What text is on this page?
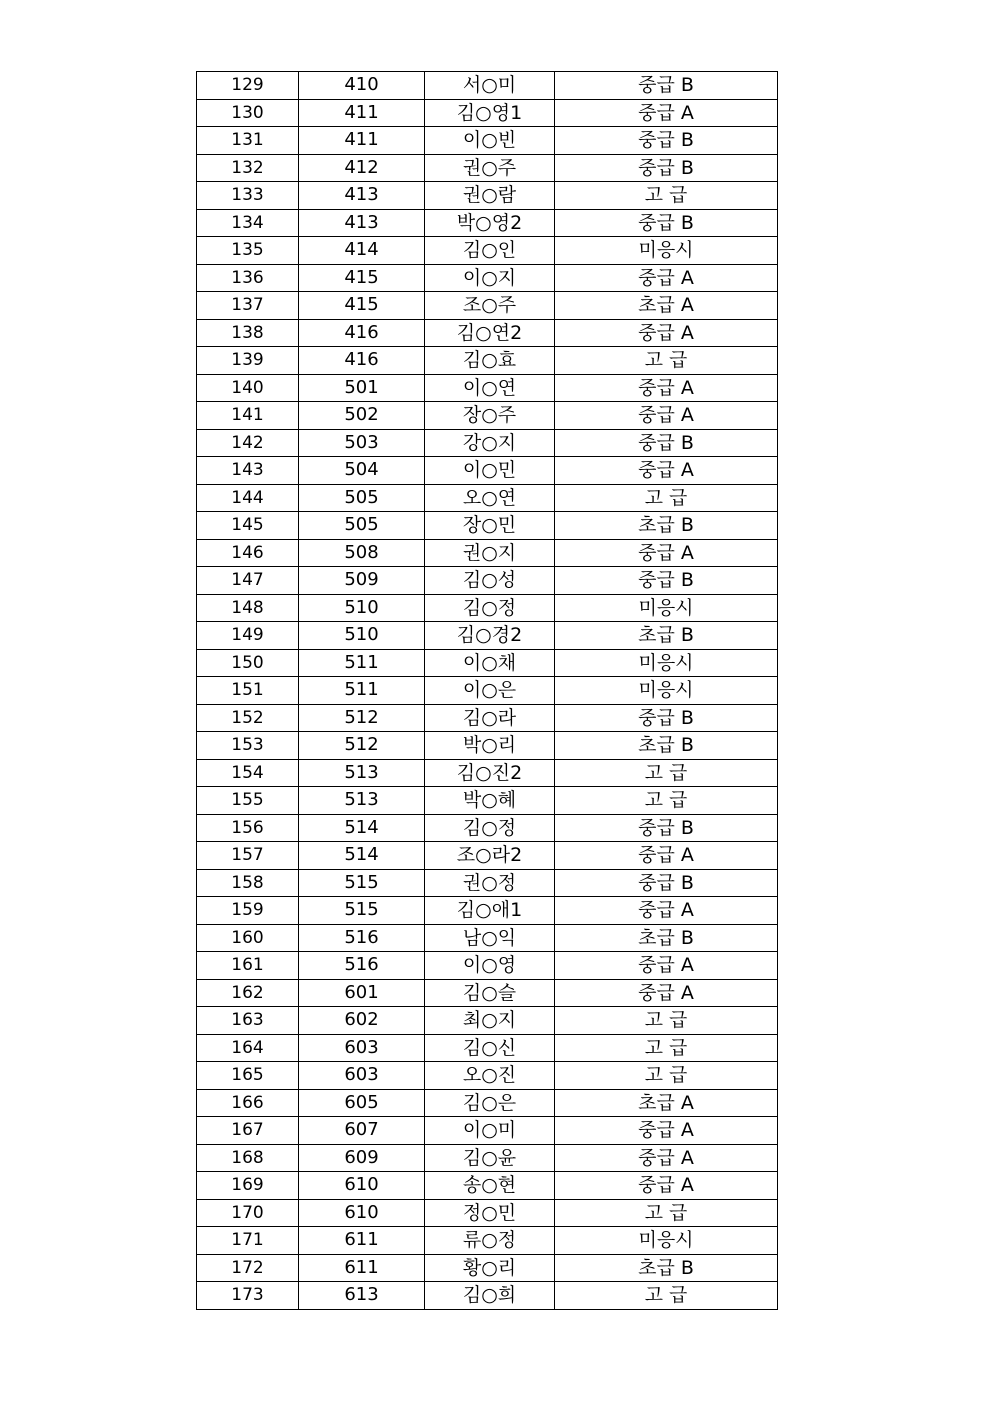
129	410	서○미	중급 B
130	411	김○영1	중급 A
131	411	이○빈	중급 B
132	412	권○주	중급 B
133	413	권○람	고 급
134	413	박○영2	중급 B
135	414	김○인	미응시
136	415	이○지	중급 A
137	415	조○주	초급 A
138	416	김○연2	중급 A
139	416	김○효	고 급
140	501	이○연	중급 A
141	502	장○주	중급 A
142	503	강○지	중급 B
143	504	이○민	중급 A
144	505	오○연	고 급
145	505	장○민	초급 B
146	508	권○지	중급 A
147	509	김○성	중급 B
148	510	김○정	미응시
149	510	김○경2	초급 B
150	511	이○채	미응시
151	511	이○은	미응시
152	512	김○라	중급 B
153	512	박○리	초급 B
154	513	김○진2	고 급
155	513	박○혜	고 급
156	514	김○정	중급 B
157	514	조○라2	중급 A
158	515	권○정	중급 B
159	515	김○애1	중급 A
160	516	남○익	초급 B
161	516	이○영	중급 A
162	601	김○슬	중급 A
163	602	최○지	고 급
164	603	김○신	고 급
165	603	오○진	고 급
166	605	김○은	초급 A
167	607	이○미	중급 A
168	609	김○윤	중급 A
169	610	송○현	중급 A
170	610	정○민	고 급
171	611	류○정	미응시
172	611	황○리	초급 B
173	613	김○희	고 급
